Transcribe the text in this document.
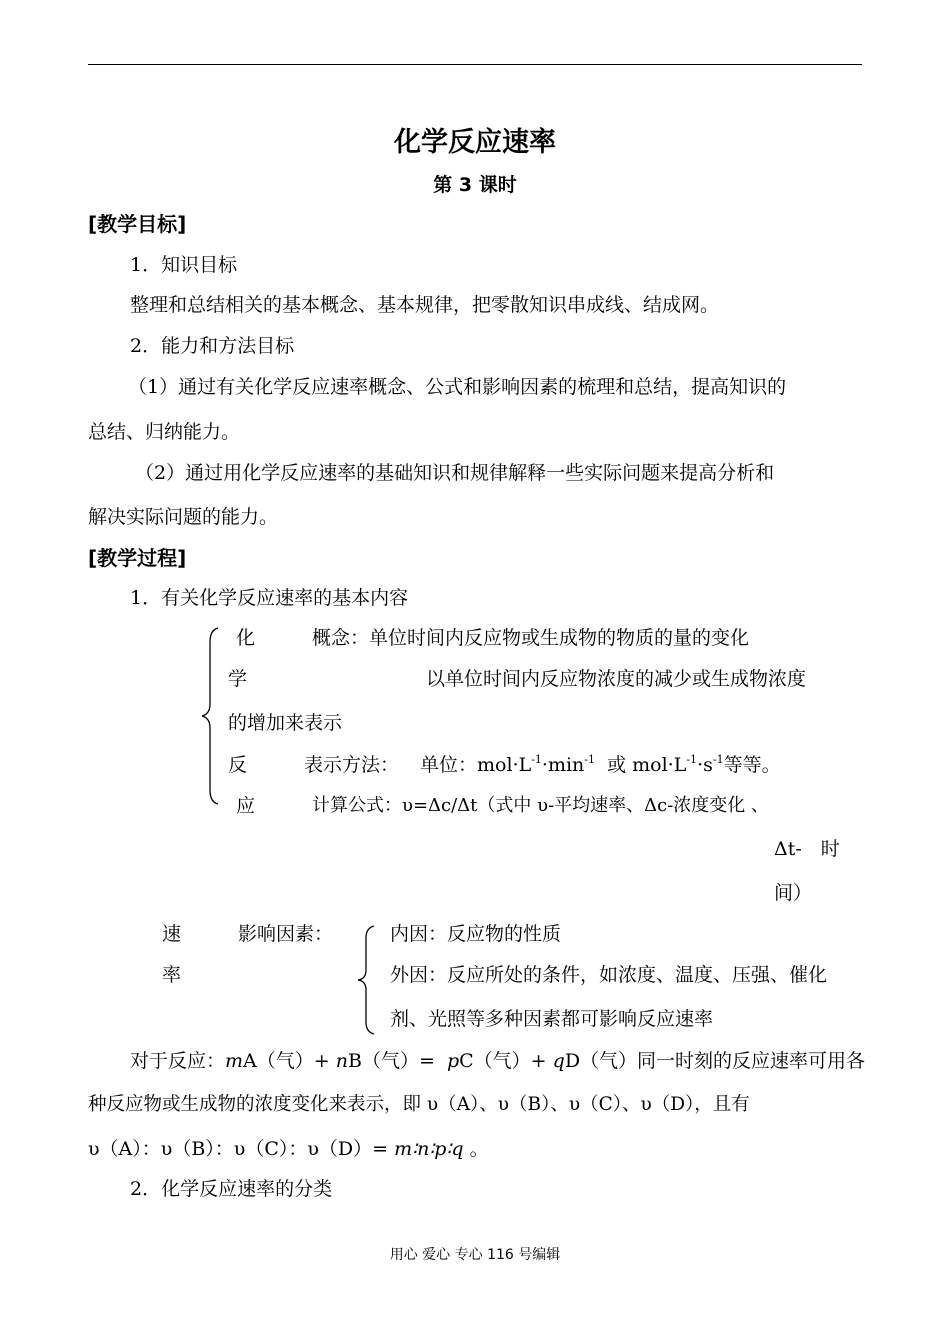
化学反应速率
第 3 课时
[教学目标]
1．知识目标
整理和总结相关的基本概念、基本规律，把零散知识串成线、结成网。
2．能力和方法目标
（1）通过有关化学反应速率概念、公式和影响因素的梳理和总结，提高知识的
总结、归纳能力。
（2）通过用化学反应速率的基础知识和规律解释一些实际问题来提高分析和
解决实际问题的能力。
[教学过程]
1．有关化学反应速率的基本内容
化
学
反
应
概念：单位时间内反应物或生成物的物质的量的变化
以单位时间内反应物浓度的减少或生成物浓度
的增加来表示
表示方法： 单位：$mol\cdot L^{-1}\cdot\min^{-1}$ 或 $mol\cdot L^{-1}\cdot s^{-1}$等等。
计算公式：υ=Δc/Δt（式中 υ-平均速率、Δc-浓度变化 、
Δt-　时
间）
速
率
影响因素：	内因：反应物的性质
外因：反应所处的条件，如浓度、温度、压强、催化
剂、光照等多种因素都可影响反应速率
对于反应：mA（气）+ nB（气）=  pC（气）+ qD（气）同一时刻的反应速率可用各
种反应物或生成物的浓度变化来表示，即 υ（A）、υ（B）、υ（C）、υ（D），且有
υ（A）：υ（B）：υ（C）：υ（D）= m∶n∶p∶q 。
2．化学反应速率的分类
用心 爱心 专心 116 号编辑
